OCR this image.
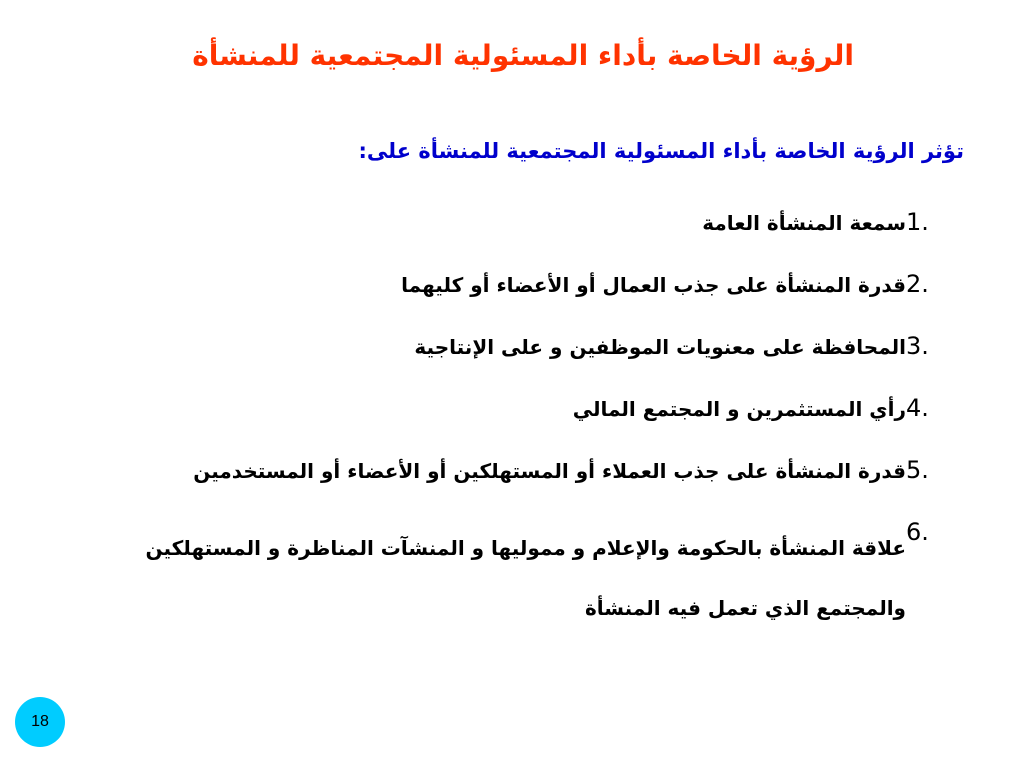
الرؤية الخاصة بأداء المسئولية المجتمعية للمنشأة
تؤثر الرؤية الخاصة بأداء المسئولية المجتمعية للمنشأة على:
1.سمعة المنشأة العامة
2.قدرة المنشأة على جذب العمال أو الأعضاء أو كليهما
3.المحافظة على معنويات الموظفين و على الإنتاجية
4.رأي المستثمرين و المجتمع المالي
5.قدرة المنشأة على جذب العملاء أو المستهلكين أو الأعضاء أو المستخدمين
6.علاقة المنشأة بالحكومة والإعلام و مموليها و المنشآت المناظرة و المستهلكين والمجتمع الذي تعمل فيه المنشأة
18
